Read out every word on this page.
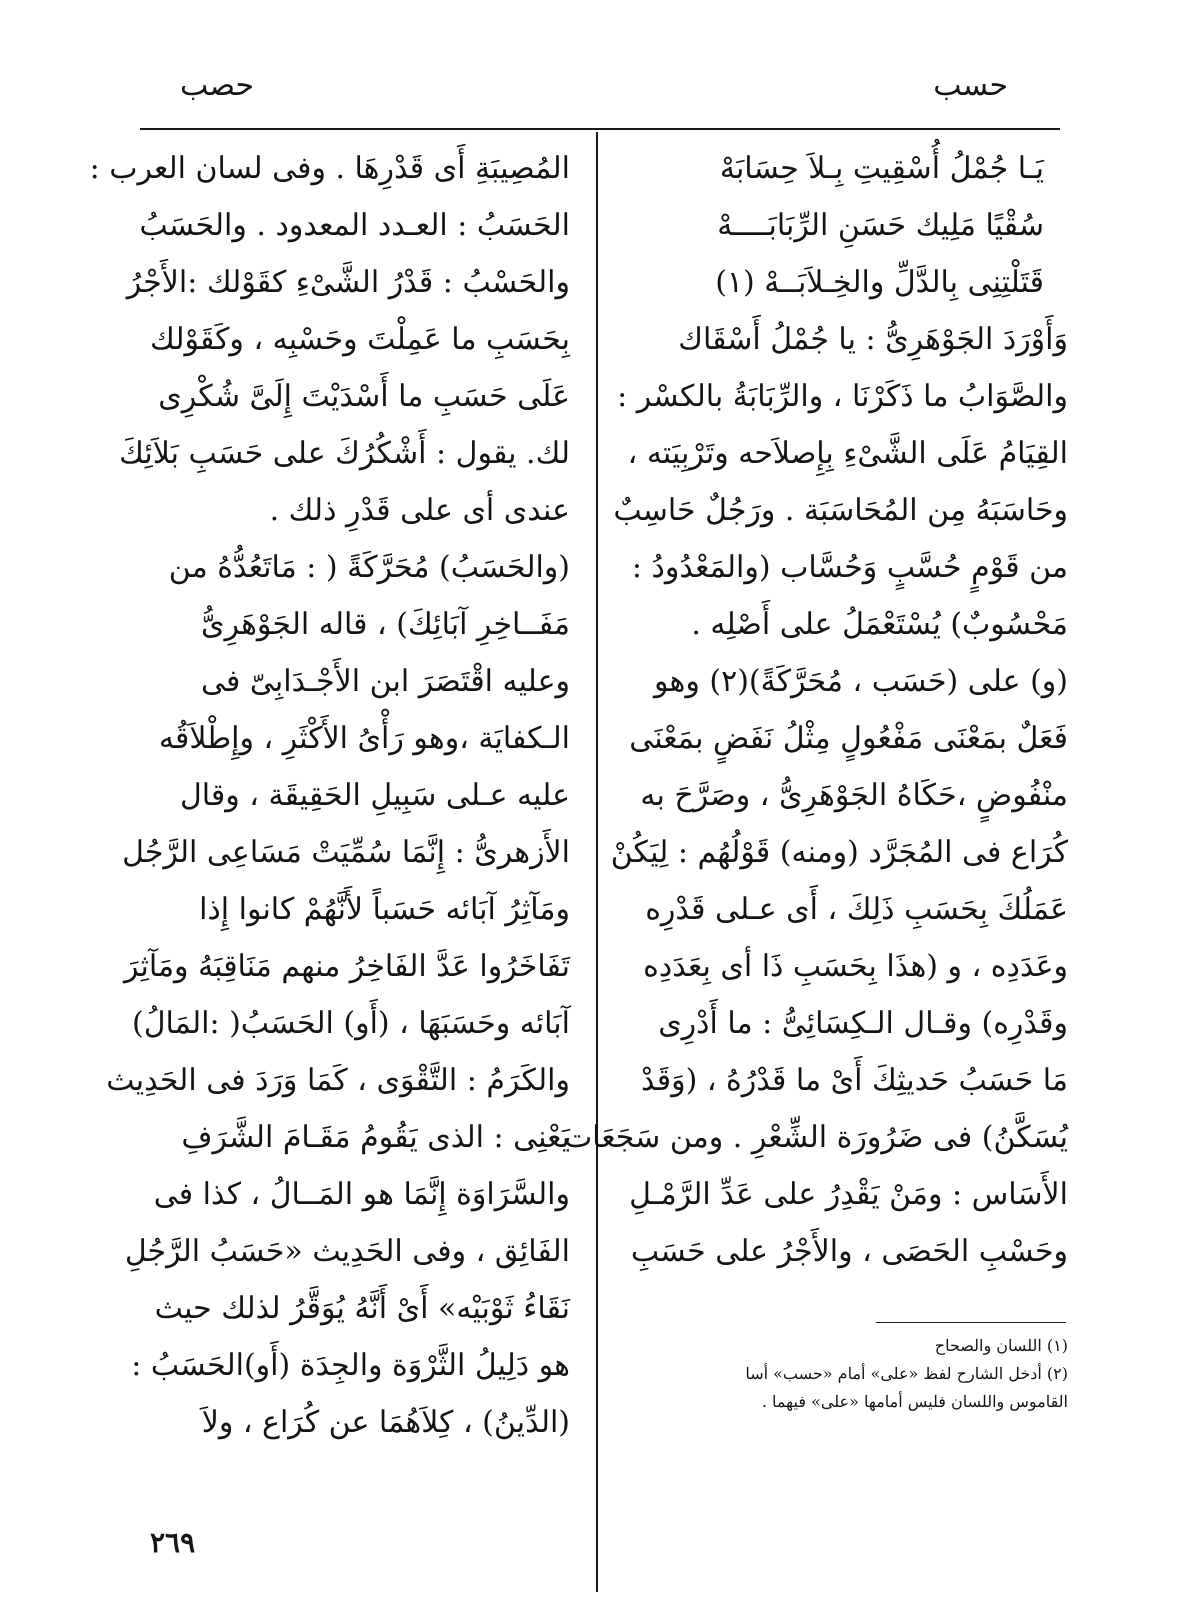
حسب
حصب
يَـا جُمْلُ أُسْقِيتِ بِـلاَ حِسَابَهْ
سُقْيًا مَلِيك حَسَنِ الرِّبَابَــــهْ
قَتَلْتِنِى بِالدَّلِّ والخِـلاَبَــهْ (١)
وَأَوْرَدَ الجَوْهَرِىُّ : يا جُمْلُ أَسْقَاك
والصَّوَابُ ما ذَكَرْنَا ، والرِّبَابَةُ بالكسْر :
القِيَامُ عَلَى الشَّىْءِ بِإِصلاَحه وتَرْبِيَته ،
وحَاسَبَهُ مِن المُحَاسَبَة . ورَجُلٌ حَاسِبٌ
من قَوْمٍ حُسَّبٍ وَحُسَّاب (والمَعْدُودُ :
مَحْسُوبٌ) يُسْتَعْمَلُ على أَصْلِه .
(و) على (حَسَب ، مُحَرَّكَةً)(٢) وهو
فَعَلٌ بمَعْنَى مَفْعُولٍ مِثْلُ نَفَضٍ بمَعْنَى
منْفُوضٍ ،حَكَاهُ الجَوْهَرِىُّ ، وصَرَّحَ به
كُرَاع فى المُجَرَّد (ومنه) قَوْلُهُم : لِيَكُنْ
عَمَلُكَ بِحَسَبِ ذَلِكَ ، أَى عـلى قَدْرِه
وعَدَدِه ، و (هذَا بِحَسَبِ ذَا أى بِعَدَدِه
وقَدْرِه) وقـال الـكِسَائِىُّ : ما أَدْرِى
مَا حَسَبُ حَديثِكَ أَىْ ما قَدْرُهُ ، (وَقَدْ
يُسَكَّنُ) فى ضَرُورَة الشِّعْرِ . ومن سَجَعَات
الأَسَاس : ومَنْ يَقْدِرُ على عَدِّ الرَّمْـلِ
وحَسْبِ الحَصَى ، والأَجْرُ على حَسَبِ
المُصِيبَةِ أَى قَدْرِهَا . وفى لسان العرب :
الحَسَبُ : العـدد المعدود . والحَسَبُ
والحَسْبُ : قَدْرُ الشَّىْءِ كقَوْلك :الأَجْرُ
بِحَسَبِ ما عَمِلْتَ وحَسْبِه ، وكَقَوْلك
عَلَى حَسَبِ ما أَسْدَيْتَ إِلَىَّ شُكْرِى
لك. يقول : أَشْكُرُكَ على حَسَبِ بَلاَئِكَ
عندى أى على قَدْرِ ذلك .
(والحَسَبُ) مُحَرَّكَةً ( : مَاتَعُدُّهُ من
مَفَــاخِرِ آبَائِكَ) ، قاله الجَوْهَرِىُّ
وعليه اقْتَصَرَ ابن الأَجْـدَابِىّ فى
الـكفايَة ،وهو رَأْىُ الأَكْثَرِ ، وإِطْلاَقُه
عليه عـلى سَبِيلِ الحَقِيقَة ، وقال
الأَزهرىُّ : إِنَّمَا سُمِّيَتْ مَسَاعِى الرَّجُل
ومَآثِرُ آبَائه حَسَباً لأَنَّهُمْ كانوا إِذا
تَفَاخَرُوا عَدَّ الفَاخِرُ منهم مَنَاقِبَهُ ومَآثِرَ
آبَائه وحَسَبَهَا ، (أَو) الحَسَبُ( :المَالُ)
والكَرَمُ : التَّقْوَى ، كَمَا وَرَدَ فى الحَدِيث
يَعْنِى : الذى يَقُومُ مَقَـامَ الشَّرَفِ
والسَّرَاوَة إِنَّمَا هو المَــالُ ، كذا فى
الفَائِق ، وفى الحَدِيث «حَسَبُ الرَّجُلِ
نَقَاءُ ثَوْبَيْه» أَىْ أَنَّهُ يُوَقَّرُ لذلك حيث
هو دَلِيلُ الثَّرْوَة والجِدَة (أَو)الحَسَبُ :
(الدِّينُ) ، كِلاَهُمَا عن كُرَاع ، ولاَ
(١) اللسان والصحاح
(٢) أدخل الشارح لفظ «على» أمام «حسب» أسا
القاموس واللسان فليس أمامها «على» فيهما .
٢٦٩
